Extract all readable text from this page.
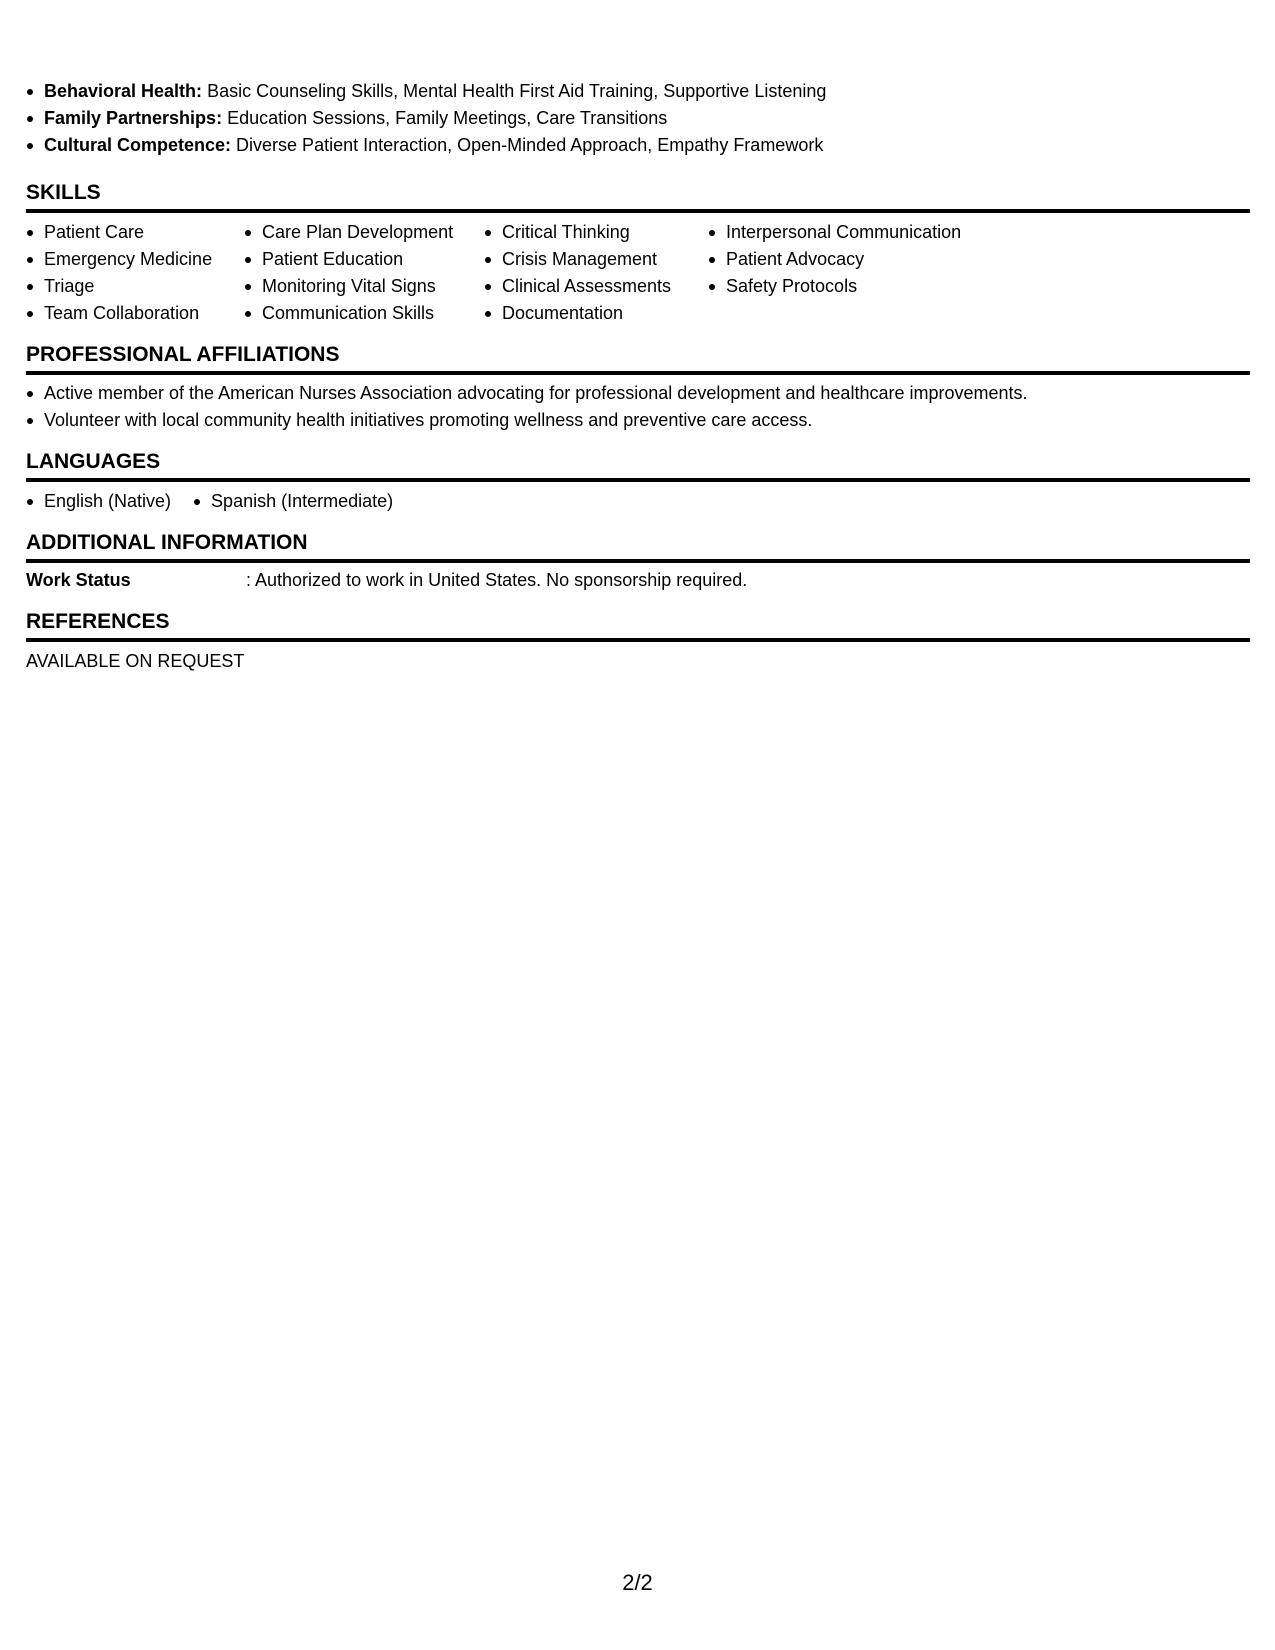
Behavioral Health: Basic Counseling Skills, Mental Health First Aid Training, Supportive Listening
Family Partnerships: Education Sessions, Family Meetings, Care Transitions
Cultural Competence: Diverse Patient Interaction, Open-Minded Approach, Empathy Framework
SKILLS
Patient Care
Emergency Medicine
Triage
Team Collaboration
Care Plan Development
Patient Education
Monitoring Vital Signs
Communication Skills
Critical Thinking
Crisis Management
Clinical Assessments
Documentation
Interpersonal Communication
Patient Advocacy
Safety Protocols
PROFESSIONAL AFFILIATIONS
Active member of the American Nurses Association advocating for professional development and healthcare improvements.
Volunteer with local community health initiatives promoting wellness and preventive care access.
LANGUAGES
English (Native)	Spanish (Intermediate)
ADDITIONAL INFORMATION
Work Status	: Authorized to work in United States. No sponsorship required.
REFERENCES
AVAILABLE ON REQUEST
2/2
